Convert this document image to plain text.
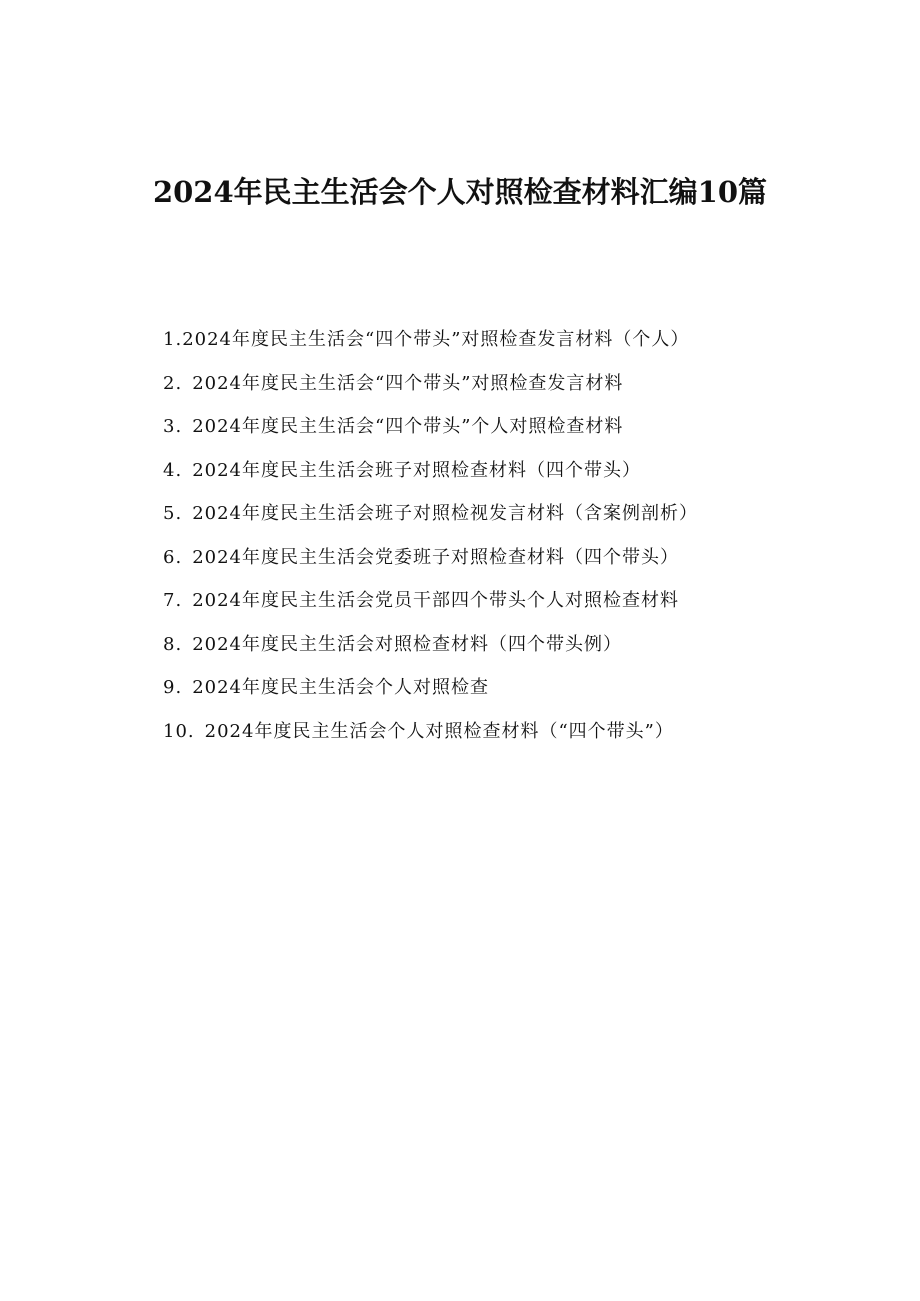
2024年民主生活会个人对照检查材料汇编10篇
1.2024年度民主生活会“四个带头”对照检查发言材料（个人）
2. 2024年度民主生活会“四个带头”对照检查发言材料
3. 2024年度民主生活会“四个带头”个人对照检查材料
4. 2024年度民主生活会班子对照检查材料（四个带头）
5. 2024年度民主生活会班子对照检视发言材料（含案例剖析）
6. 2024年度民主生活会党委班子对照检查材料（四个带头）
7. 2024年度民主生活会党员干部四个带头个人对照检查材料
8. 2024年度民主生活会对照检查材料（四个带头例）
9. 2024年度民主生活会个人对照检查
10. 2024年度民主生活会个人对照检查材料（“四个带头”）
